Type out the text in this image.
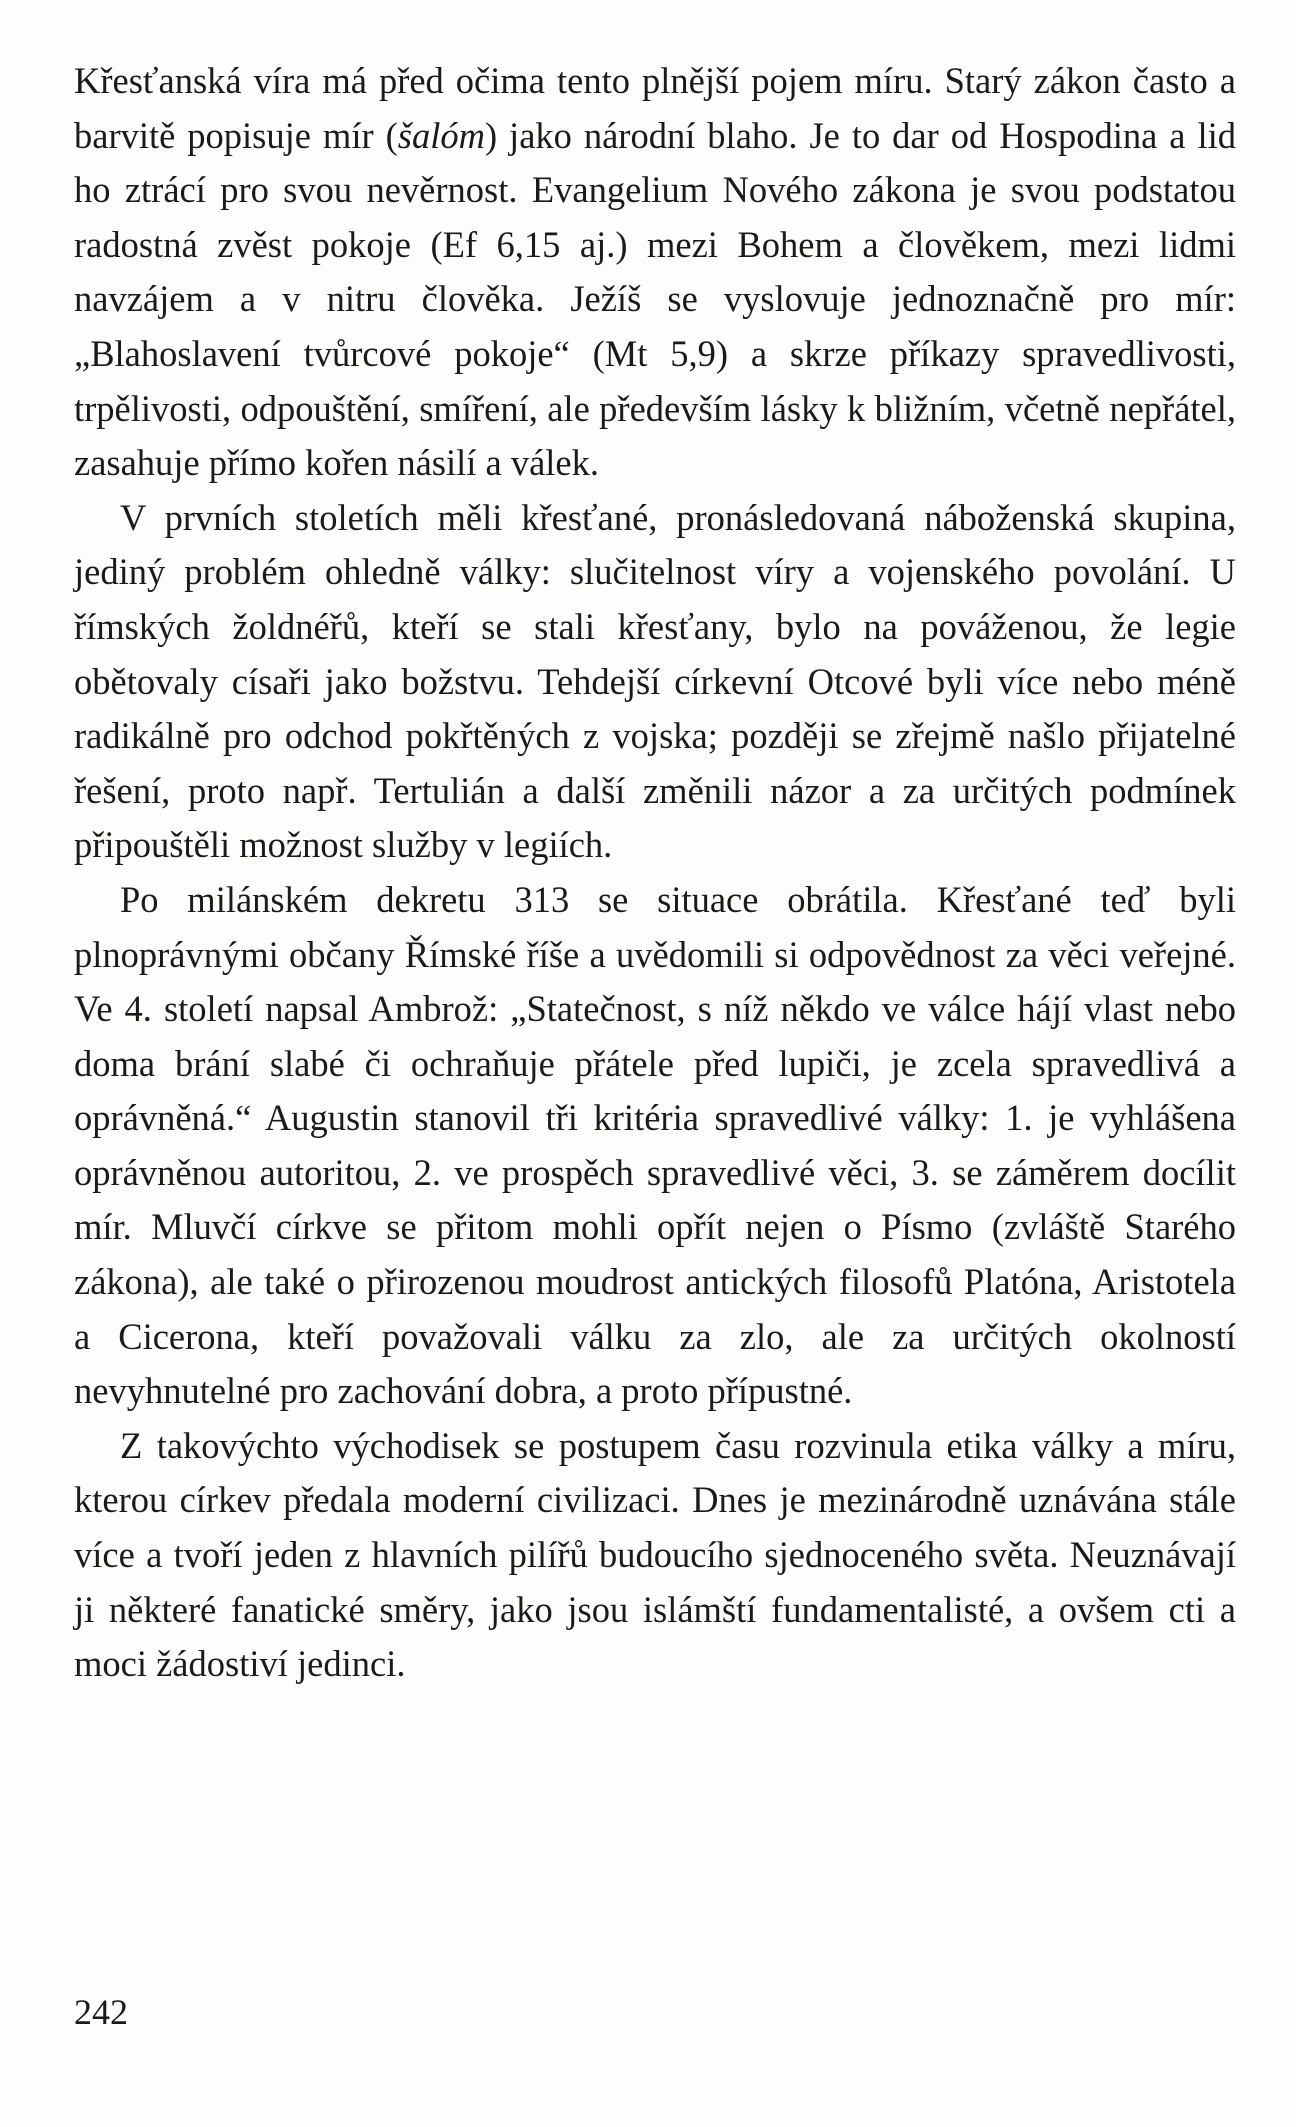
Křesťanská víra má před očima tento plnější pojem míru. Starý zákon často a barvitě popisuje mír (šalóm) jako národní blaho. Je to dar od Hospodina a lid ho ztrácí pro svou nevěrnost. Evangelium Nového zákona je svou podstatou radostná zvěst pokoje (Ef 6,15 aj.) mezi Bohem a člověkem, mezi lidmi navzájem a v nitru člověka. Ježíš se vyslovuje jednoznačně pro mír: „Blahoslavení tvůrcové pokoje“ (Mt 5,9) a skrze příkazy spravedlivosti, trpělivosti, odpouštění, smíření, ale především lásky k bližním, včetně nepřátel, zasahuje přímo kořen násilí a válek.

V prvních stoletích měli křesťané, pronásledovaná náboženská skupina, jediný problém ohledně války: slučitelnost víry a vojenského povolání. U římských žoldnéřů, kteří se stali křesťany, bylo na pováženou, že legie obětovaly císaři jako božstvu. Tehdejší církevní Otcové byli více nebo méně radikálně pro odchod pokřtěných z vojska; později se zřejmě našlo přijatelné řešení, proto např. Tertulián a další změnili názor a za určitých podmínek připouštěli možnost služby v legiích.

Po milánském dekretu 313 se situace obrátila. Křesťané teď byli plnoprávnými občany Římské říše a uvědomili si odpovědnost za věci veřejné. Ve 4. století napsal Ambrož: „Statečnost, s níž někdo ve válce hájí vlast nebo doma brání slabé či ochraňuje přátele před lupiči, je zcela spravedlivá a oprávněná.“ Augustin stanovil tři kritéria spravedlivé války: 1. je vyhlášena oprávněnou autoritou, 2. ve prospěch spravedlivé věci, 3. se záměrem docílit mír. Mluvčí církve se přitom mohli opřít nejen o Písmo (zvláště Starého zákona), ale také o přirozenou moudrost antických filosofů Platóna, Aristotela a Cicerona, kteří považovali válku za zlo, ale za určitých okolností nevyhnutelné pro zachování dobra, a proto přípustné.

Z takovýchto východisek se postupem času rozvinula etika války a míru, kterou církev předala moderní civilizaci. Dnes je mezinárodně uznávána stále více a tvoří jeden z hlavních pilířů budoucího sjednoceného světa. Neuznávají ji některé fanatické směry, jako jsou islámští fundamentalisté, a ovšem cti a moci žádostiví jedinci.

242
